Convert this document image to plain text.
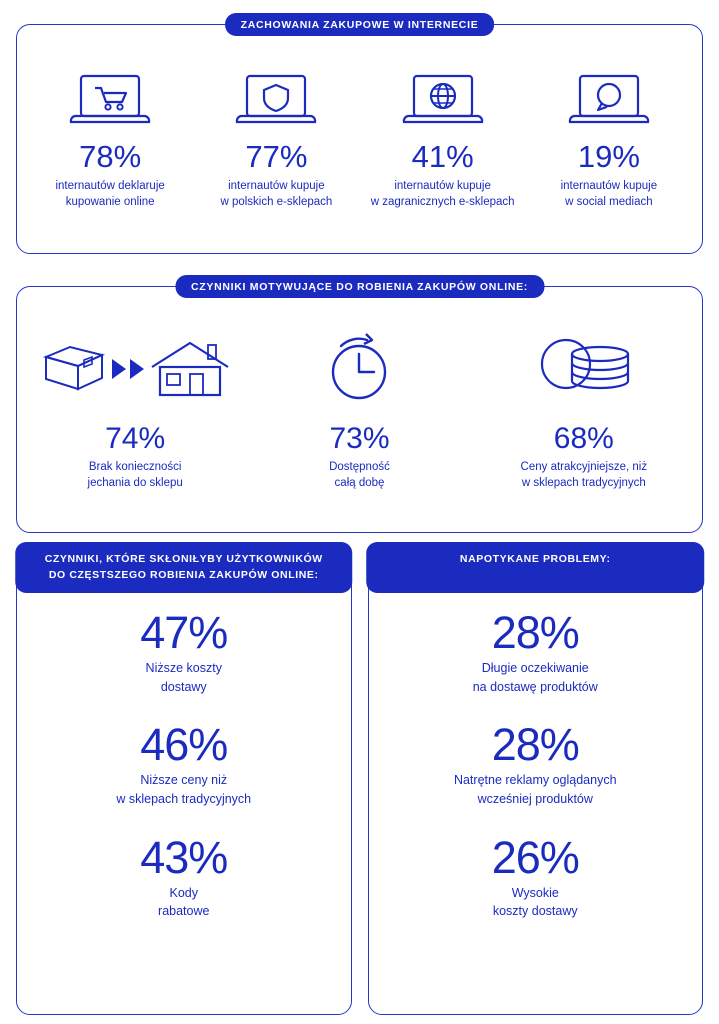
ZACHOWANIA ZAKUPOWE W INTERNECIE
78%
internautów deklaruje
kupowanie online
77%
internautów kupuje
w polskich e-sklepach
41%
internautów kupuje
w zagranicznych e-sklepach
19%
internautów kupuje
w social mediach
CZYNNIKI MOTYWUJĄCE DO ROBIENIA ZAKUPÓW ONLINE:
74%
Brak konieczności
jechania do sklepu
73%
Dostępność
całą dobę
68%
Ceny atrakcyjniejsze, niż
w sklepach tradycyjnych
CZYNNIKI, KTÓRE SKŁONIŁYBY UŻYTKOWNIKÓW
DO CZĘSTSZEGO ROBIENIA ZAKUPÓW ONLINE:
47%
Niższe koszty
dostawy
46%
Niższe ceny niż
w sklepach tradycyjnych
43%
Kody
rabatowe
NAPOTYKANE PROBLEMY:

28%
Długie oczekiwanie
na dostawę produktów
28%
Natrętne reklamy oglądanych
wcześniej produktów
26%
Wysokie
koszty dostawy
